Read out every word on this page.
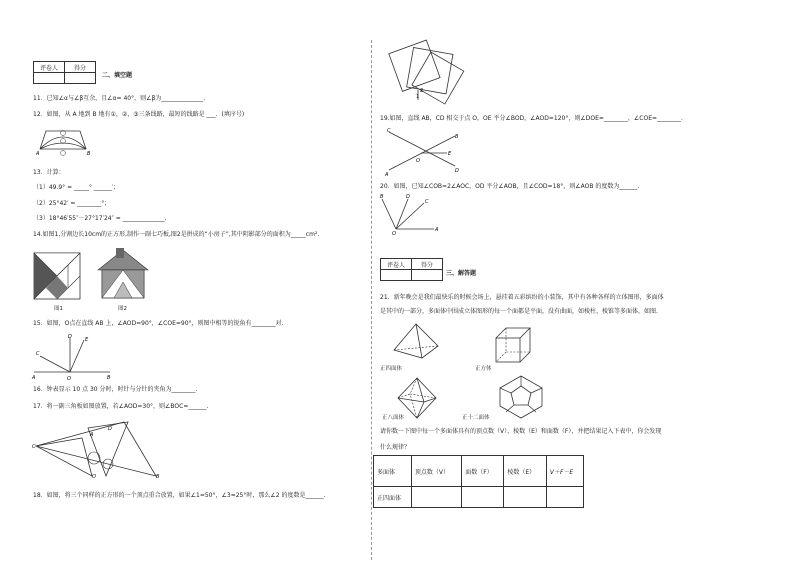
评卷人	得分

二、填空题
11．已知∠α与∠β互余，且∠α= 40°，则∠β为______________.
12．如图，从 A 地到 B 地有①，②，③三条线路，最短的线路是 ___．(填序号)
A	B
13．计算：
（1）49.9° = _____° ______′；
（2）25°42′ = ________°；
（3）18°46′55″－27°17′24″ = ______________.
14.如图1,分割边长10cm的正方形,制作一副七巧板,图2是拼成的“小房子”,其中阴影部分的面积为_____cm².
图1	图2
15．如图，O点在直线 AB 上，∠AOD=90°，∠COE=90°，则图中相等的锐角有________对.
A	O	B
D
C
E
16．钟表显示 10 点 30 分时，时针与分针的夹角为________.
17．将一副三角板如图放置，若∠AOD=30°，则∠BOC=______.
C
A
D
O	B
18．如图，将三个同样的正方形的一个顶点重合放置，如果∠1=50°，∠3=25°时，那么∠2 的度数是______.
2
1
19.如图，直线 AB，CD 相交于点 O，OE 平分∠BOD，∠AOD=120°，则∠DOE=________，∠COE=________.
C
A
O
E
B
D
20．如图，已知∠COB=2∠AOC，OD 平分∠AOB，且∠COD=18°，则∠AOB 的度数为______.
B	D
C
A
O
评卷人	得分

三、解答题
21．新年晚会是我们最快乐的时候会场上，悬挂着五彩缤纷的小装饰，其中有各种各样的立体图形，多面体
是其中的一部分，多面体中围成立体图形的每一个面都是平面，没有曲面，如棱柱、棱锥等多面体，如图.
正四面体	正方体
正八面体	正十二面体
请你数一下图中每一个多面体具有的顶点数（V）、棱数（E）和面数（F），并把结果记入下表中，你会发现
什么规律？
多面体	顶点数（V）	面数（F）	棱数（E）	V＋F－E
正四面体				
